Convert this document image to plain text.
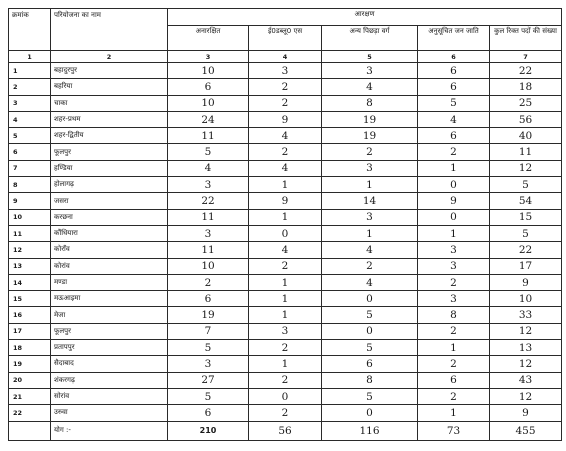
क्रमांक	परियोजना का नाम	आरक्षण				
		अनारक्षित	ई0डब्लू0 एस	अन्य पिछड़ा वर्ग	अनुसूचित जन जाति	कुल रिक्त पदों की संख्या
1	2	3	4	5	6	7
1	बहादुरपुर	10	3	3	6	22
2	बहरिया	6	2	4	6	18
3	चाका	10	2	8	5	25
4	शहर-प्रथम	24	9	19	4	56
5	शहर-द्वितीय	11	4	19	6	40
6	फूलपुर	5	2	2	2	11
7	हण्डिया	4	4	3	1	12
8	होलागढ़	3	1	1	0	5
9	जसरा	22	9	14	9	54
10	करछना	11	1	3	0	15
11	कौंधियारा	3	0	1	1	5
12	कोराँव	11	4	4	3	22
13	कोरांव	10	2	2	3	17
14	मण्डा	2	1	4	2	9
15	मऊआइमा	6	1	0	3	10
16	मेजा	19	1	5	8	33
17	फूलपुर	7	3	0	2	12
18	प्रतापपुर	5	2	5	1	13
19	सैदाबाद	3	1	6	2	12
20	शंकरगढ़	27	2	8	6	43
21	सोरांव	5	0	5	2	12
22	उरुवा	6	2	0	1	9
	योग :-	210	56	116	73	455
